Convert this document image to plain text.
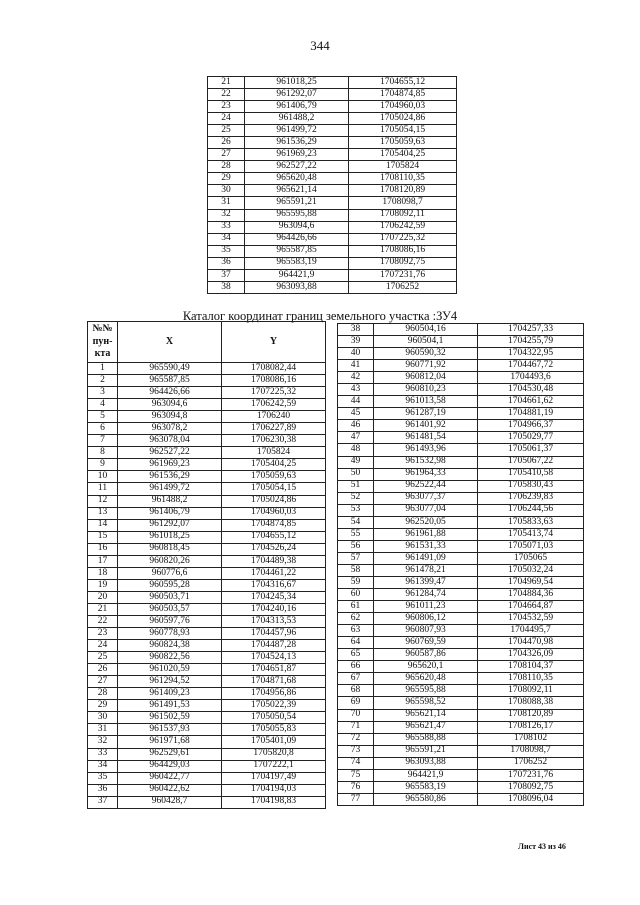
344
21	961018,25	1704655,12
22	961292,07	1704874,85
23	961406,79	1704960,03
24	961488,2	1705024,86
25	961499,72	1705054,15
26	961536,29	1705059,63
27	961969,23	1705404,25
28	962527,22	1705824
29	965620,48	1708110,35
30	965621,14	1708120,89
31	965591,21	1708098,7
32	965595,88	1708092,11
33	963094,6	1706242,59
34	964426,66	1707225,32
35	965587,85	1708086,16
36	965583,19	1708092,75
37	964421,9	1707231,76
38	963093,88	1706252
Каталог координат границ земельного участка :ЗУ4
№№
пун-
кта	X	Y
1	965590,49	1708082,44
2	965587,85	1708086,16
3	964426,66	1707225,32
4	963094,6	1706242,59
5	963094,8	1706240
6	963078,2	1706227,89
7	963078,04	1706230,38
8	962527,22	1705824
9	961969,23	1705404,25
10	961536,29	1705059,63
11	961499,72	1705054,15
12	961488,2	1705024,86
13	961406,79	1704960,03
14	961292,07	1704874,85
15	961018,25	1704655,12
16	960818,45	1704526,24
17	960820,26	1704489,38
18	960776,6	1704461,22
19	960595,28	1704316,67
20	960503,71	1704245,34
21	960503,57	1704240,16
22	960597,76	1704313,53
23	960778,93	1704457,96
24	960824,38	1704487,28
25	960822,56	1704524,13
26	961020,59	1704651,87
27	961294,52	1704871,68
28	961409,23	1704956,86
29	961491,53	1705022,39
30	961502,59	1705050,54
31	961537,93	1705055,83
32	961971,68	1705401,09
33	962529,61	1705820,8
34	964429,03	1707222,1
35	960422,77	1704197,49
36	960422,62	1704194,03
37	960428,7	1704198,83
38	960504,16	1704257,33
39	960504,1	1704255,79
40	960590,32	1704322,95
41	960771,92	1704467,72
42	960812,04	1704493,6
43	960810,23	1704530,48
44	961013,58	1704661,62
45	961287,19	1704881,19
46	961401,92	1704966,37
47	961481,54	1705029,77
48	961493,96	1705061,37
49	961532,98	1705067,22
50	961964,33	1705410,58
51	962522,44	1705830,43
52	963077,37	1706239,83
53	963077,04	1706244,56
54	962520,05	1705833,63
55	961961,88	1705413,74
56	961531,33	1705071,03
57	961491,09	1705065
58	961478,21	1705032,24
59	961399,47	1704969,54
60	961284,74	1704884,36
61	961011,23	1704664,87
62	960806,12	1704532,59
63	960807,93	1704495,7
64	960769,59	1704470,98
65	960587,86	1704326,09
66	965620,1	1708104,37
67	965620,48	1708110,35
68	965595,88	1708092,11
69	965598,52	1708088,38
70	965621,14	1708120,89
71	965621,47	1708126,17
72	965588,88	1708102
73	965591,21	1708098,7
74	963093,88	1706252
75	964421,9	1707231,76
76	965583,19	1708092,75
77	965580,86	1708096,04
Лист 43 из 46
